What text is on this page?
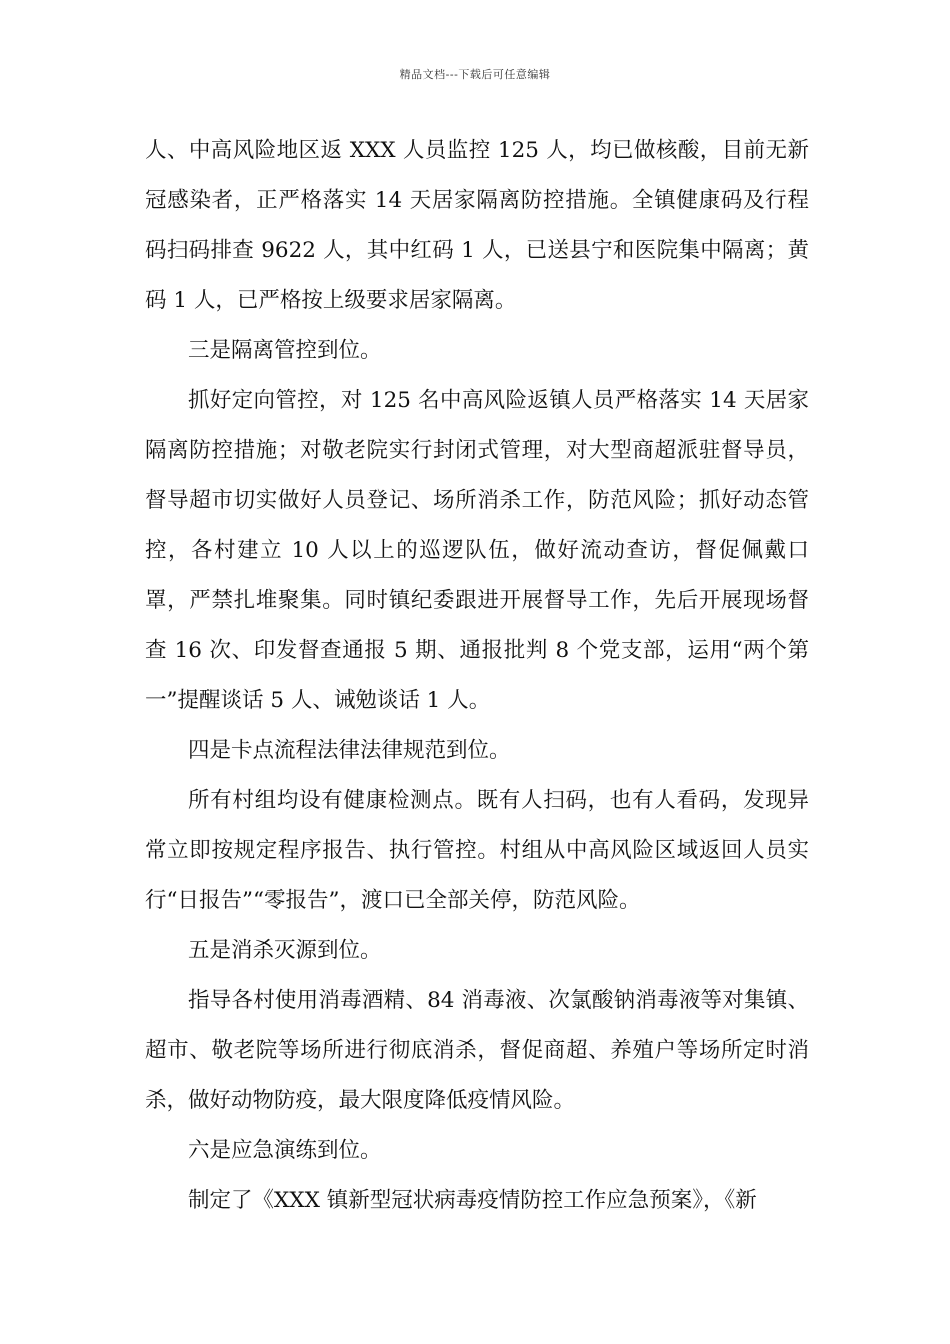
精品文档---下载后可任意编辑

人、中高风险地区返 XXX 人员监控 125 人，均已做核酸，目前无新冠感染者，正严格落实 14 天居家隔离防控措施。全镇健康码及行程码扫码排查 9622 人，其中红码 1 人，已送县宁和医院集中隔离；黄码 1 人，已严格按上级要求居家隔离。

三是隔离管控到位。

抓好定向管控，对 125 名中高风险返镇人员严格落实 14 天居家隔离防控措施；对敬老院实行封闭式管理，对大型商超派驻督导员，督导超市切实做好人员登记、场所消杀工作，防范风险；抓好动态管控，各村建立 10 人以上的巡逻队伍，做好流动查访，督促佩戴口罩，严禁扎堆聚集。同时镇纪委跟进开展督导工作，先后开展现场督查 16 次、印发督查通报 5 期、通报批判 8 个党支部，运用“两个第一”提醒谈话 5 人、诫勉谈话 1 人。

四是卡点流程法律法律规范到位。

所有村组均设有健康检测点。既有人扫码，也有人看码，发现异常立即按规定程序报告、执行管控。村组从中高风险区域返回人员实行“日报告”“零报告”，渡口已全部关停，防范风险。

五是消杀灭源到位。

指导各村使用消毒酒精、84 消毒液、次氯酸钠消毒液等对集镇、超市、敬老院等场所进行彻底消杀，督促商超、养殖户等场所定时消杀，做好动物防疫，最大限度降低疫情风险。

六是应急演练到位。

制定了《XXX 镇新型冠状病毒疫情防控工作应急预案》，《新
